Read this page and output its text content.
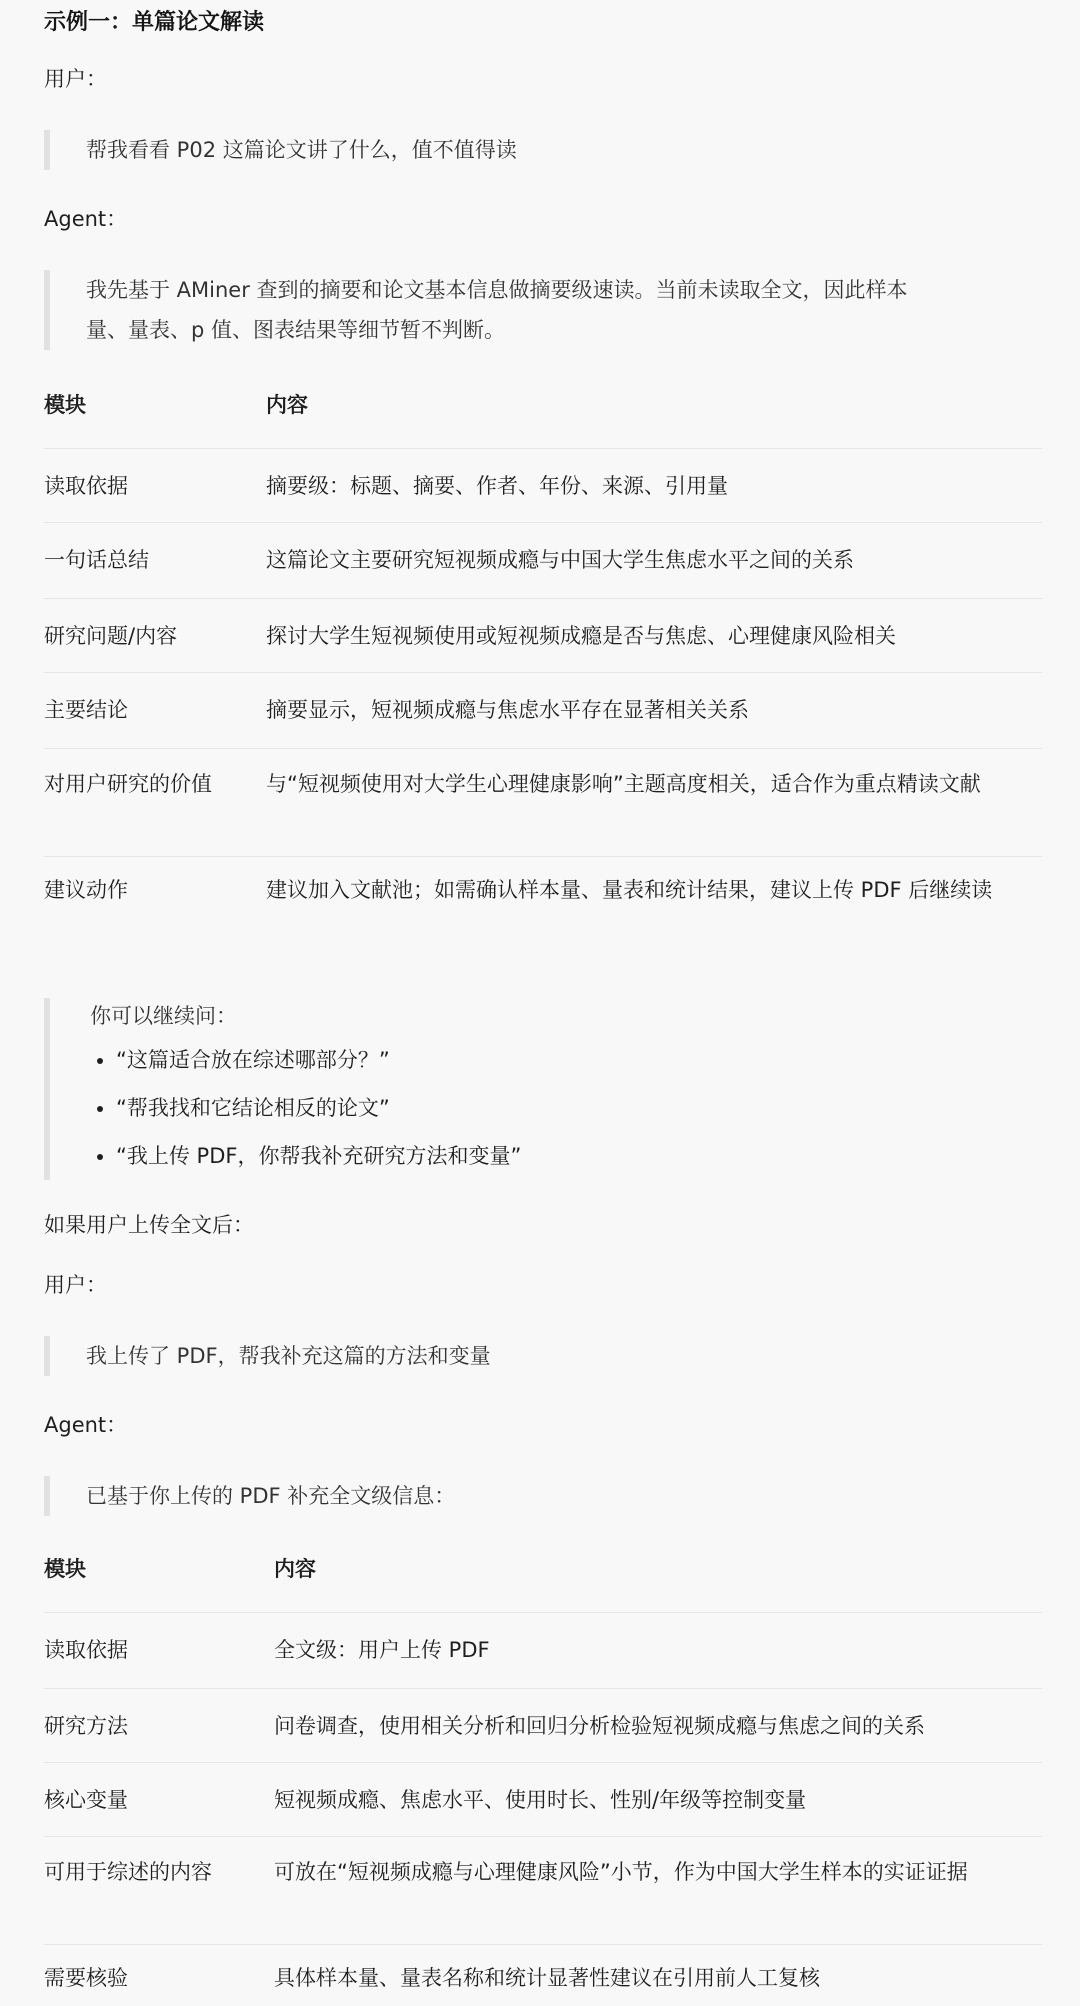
示例一：单篇论文解读
用户：
帮我看看 P02 这篇论文讲了什么，值不值得读
Agent：
我先基于 AMiner 查到的摘要和论文基本信息做摘要级速读。当前未读取全文，因此样本
量、量表、p 值、图表结果等细节暂不判断。
模块	内容
读取依据	摘要级：标题、摘要、作者、年份、来源、引用量
一句话总结	这篇论文主要研究短视频成瘾与中国大学生焦虑水平之间的关系
研究问题/内容	探讨大学生短视频使用或短视频成瘾是否与焦虑、心理健康风险相关
主要结论	摘要显示，短视频成瘾与焦虑水平存在显著相关关系
对用户研究的价值	与“短视频使用对大学生心理健康影响”主题高度相关，适合作为重点精读文献
建议动作	建议加入文献池；如需确认样本量、量表和统计结果，建议上传 PDF 后继续读
你可以继续问：
• “这篇适合放在综述哪部分？”
• “帮我找和它结论相反的论文”
• “我上传 PDF，你帮我补充研究方法和变量”
如果用户上传全文后：
用户：
我上传了 PDF，帮我补充这篇的方法和变量
Agent：
已基于你上传的 PDF 补充全文级信息：
模块	内容
读取依据	全文级：用户上传 PDF
研究方法	问卷调查，使用相关分析和回归分析检验短视频成瘾与焦虑之间的关系
核心变量	短视频成瘾、焦虑水平、使用时长、性别/年级等控制变量
可用于综述的内容	可放在“短视频成瘾与心理健康风险”小节，作为中国大学生样本的实证证据
需要核验	具体样本量、量表名称和统计显著性建议在引用前人工复核
